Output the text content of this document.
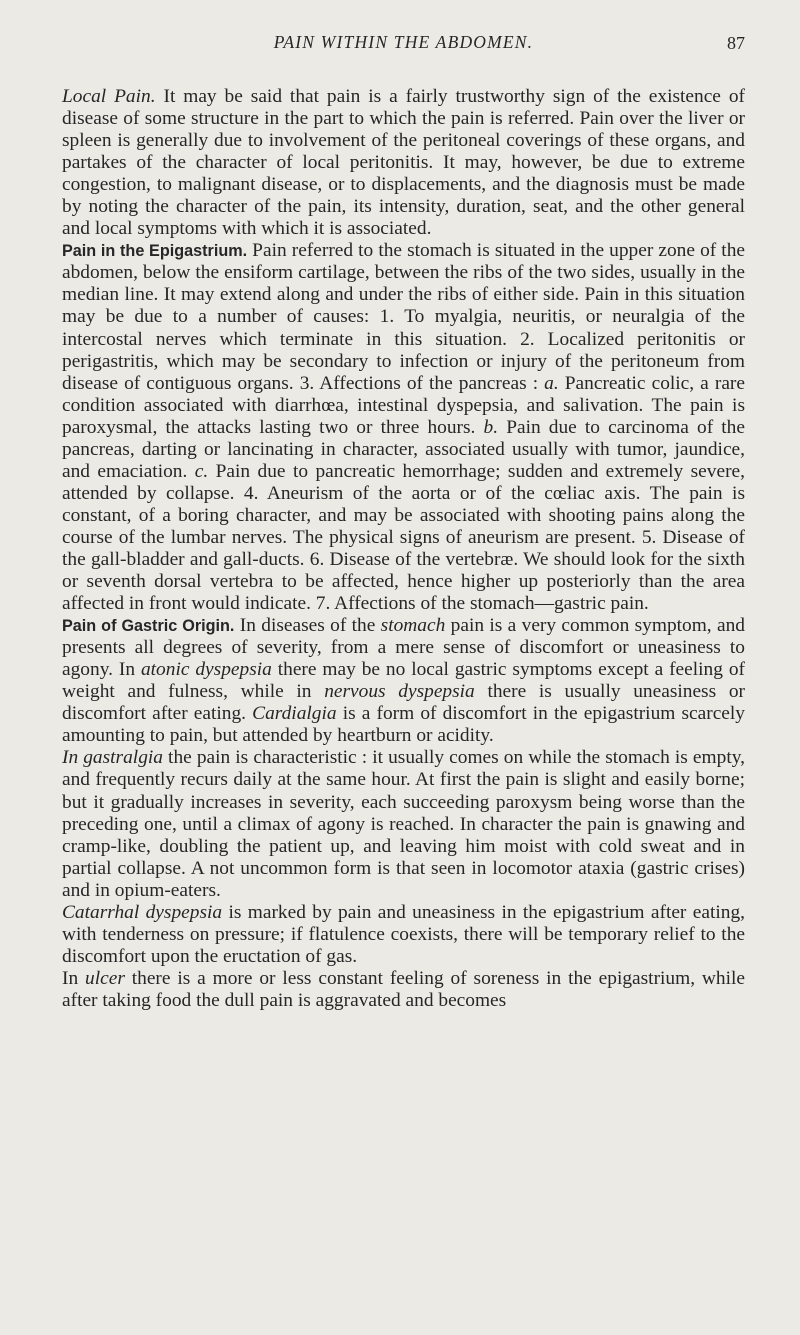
PAIN WITHIN THE ABDOMEN.	87

Local Pain. It may be said that pain is a fairly trustworthy sign of the existence of disease of some structure in the part to which the pain is referred. Pain over the liver or spleen is generally due to involvement of the peritoneal coverings of these organs, and partakes of the character of local peritonitis. It may, however, be due to extreme congestion, to malignant disease, or to displacements, and the diagnosis must be made by noting the character of the pain, its intensity, duration, seat, and the other general and local symptoms with which it is associated.

Pain in the Epigastrium. Pain referred to the stomach is situated in the upper zone of the abdomen, below the ensiform cartilage, between the ribs of the two sides, usually in the median line. It may extend along and under the ribs of either side. Pain in this situation may be due to a number of causes: 1. To myalgia, neuritis, or neuralgia of the intercostal nerves which terminate in this situation. 2. Localized peritonitis or perigastritis, which may be secondary to infection or injury of the peritoneum from disease of contiguous organs. 3. Affections of the pancreas : a. Pancreatic colic, a rare condition associated with diarrhœa, intestinal dyspepsia, and salivation. The pain is paroxysmal, the attacks lasting two or three hours. b. Pain due to carcinoma of the pancreas, darting or lancinating in character, associated usually with tumor, jaundice, and emaciation. c. Pain due to pancreatic hemorrhage; sudden and extremely severe, attended by collapse. 4. Aneurism of the aorta or of the cœliac axis. The pain is constant, of a boring character, and may be associated with shooting pains along the course of the lumbar nerves. The physical signs of aneurism are present. 5. Disease of the gall-bladder and gall-ducts. 6. Disease of the vertebræ. We should look for the sixth or seventh dorsal vertebra to be affected, hence higher up posteriorly than the area affected in front would indicate. 7. Affections of the stomach—gastric pain.

Pain of Gastric Origin. In diseases of the stomach pain is a very common symptom, and presents all degrees of severity, from a mere sense of discomfort or uneasiness to agony. In atonic dyspepsia there may be no local gastric symptoms except a feeling of weight and fulness, while in nervous dyspepsia there is usually uneasiness or discomfort after eating. Cardialgia is a form of discomfort in the epigastrium scarcely amounting to pain, but attended by heartburn or acidity.

In gastralgia the pain is characteristic : it usually comes on while the stomach is empty, and frequently recurs daily at the same hour. At first the pain is slight and easily borne; but it gradually increases in severity, each succeeding paroxysm being worse than the preceding one, until a climax of agony is reached. In character the pain is gnawing and cramp-like, doubling the patient up, and leaving him moist with cold sweat and in partial collapse. A not uncommon form is that seen in locomotor ataxia (gastric crises) and in opium-eaters.

Catarrhal dyspepsia is marked by pain and uneasiness in the epigastrium after eating, with tenderness on pressure; if flatulence coexists, there will be temporary relief to the discomfort upon the eructation of gas.

In ulcer there is a more or less constant feeling of soreness in the epigastrium, while after taking food the dull pain is aggravated and becomes
